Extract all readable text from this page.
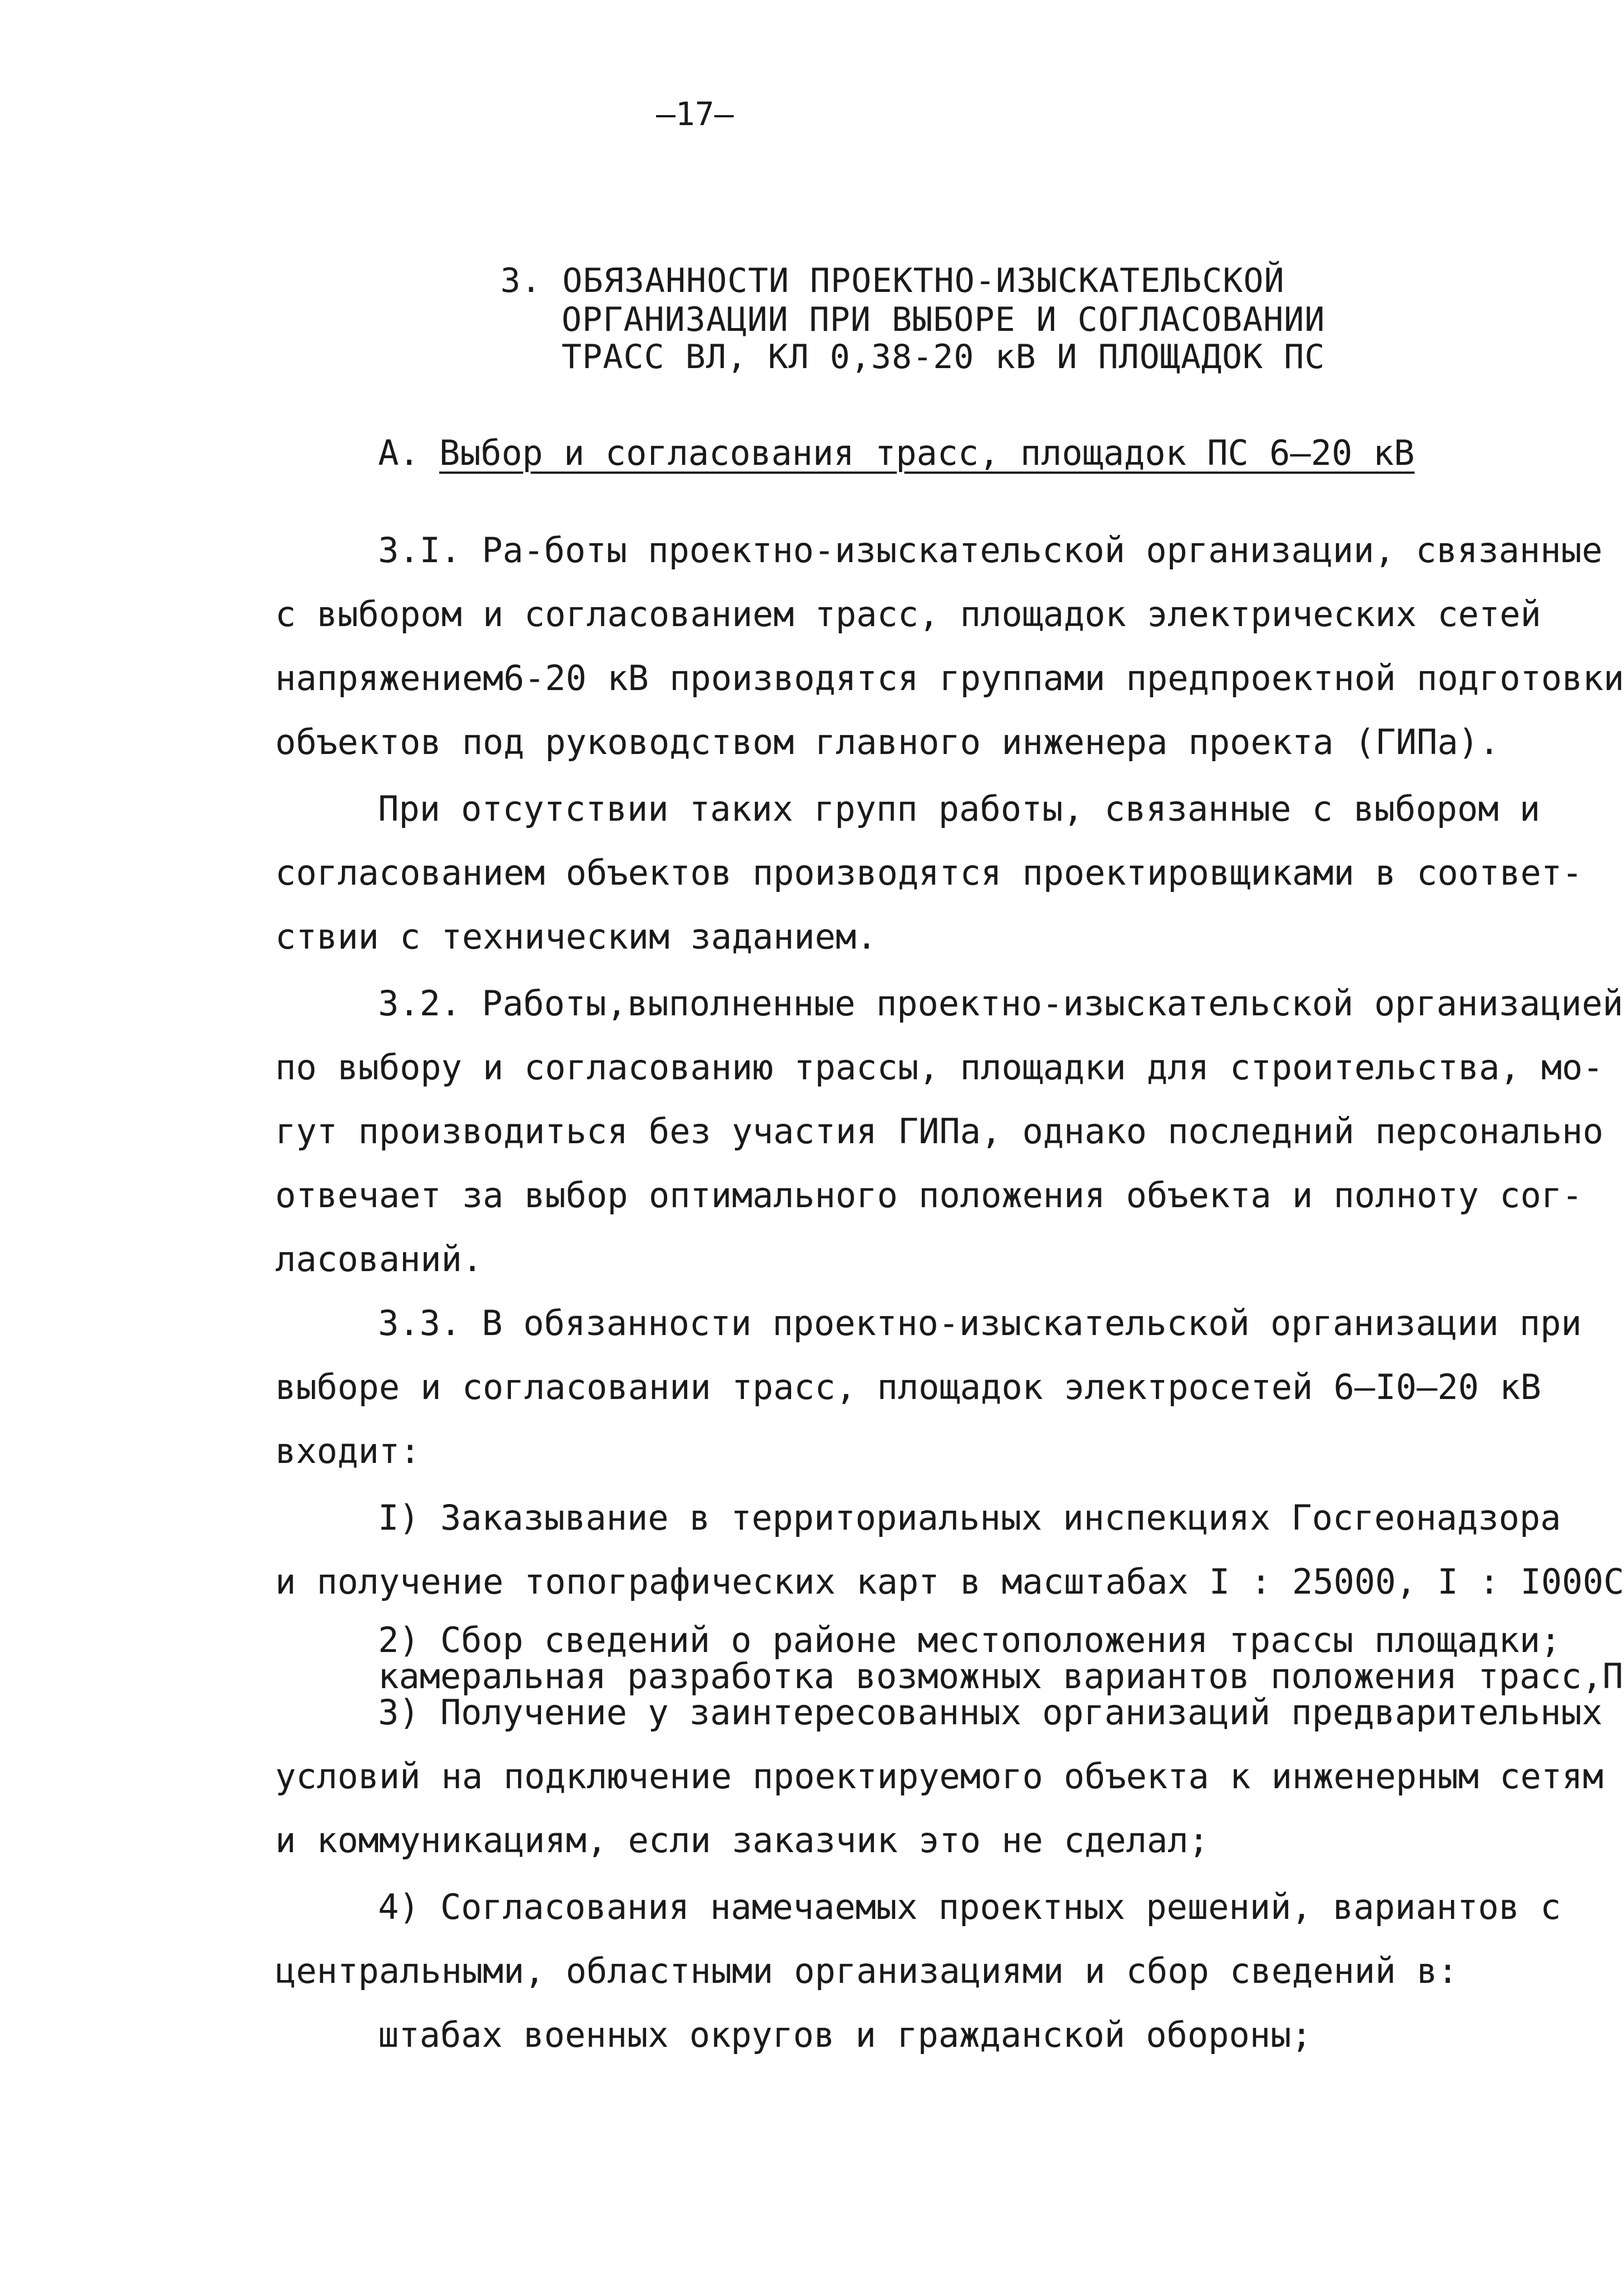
—17—
3. ОБЯЗАННОСТИ ПРОЕКТНО-ИЗЫСКАТЕЛЬСКОЙ
ОРГАНИЗАЦИИ ПРИ ВЫБОРЕ И СОГЛАСОВАНИИ
ТРАСС ВЛ, КЛ 0,38-20 кВ И ПЛОЩАДОК ПС
А. Выбор и согласования трасс, площадок ПС 6–20 кВ
3.I. Ра-боты проектно-изыскательской организации, связанные
с выбором и согласованием трасс, площадок электрических сетей
напряжением6-20 кВ производятся группами предпроектной подготовки
объектов под руководством главного инженера проекта (ГИПа).
При отсутствии таких групп работы, связанные с выбором и
согласованием объектов производятся проектировщиками в соответ-
ствии с техническим заданием.
3.2. Работы,выполненные проектно-изыскательской организацией
по выбору и согласованию трассы, площадки для строительства, мо-
гут производиться без участия ГИПа, однако последний персонально
отвечает за выбор оптимального положения объекта и полноту сог-
ласований.
3.3. В обязанности проектно-изыскательской организации при
выборе и согласовании трасс, площадок электросетей 6–I0–20 кВ
входит:
I) Заказывание в территориальных инспекциях Госгеонадзора
и получение топографических карт в масштабах I : 25000, I : I000C
2) Сбор сведений о районе местоположения трассы площадки;
камеральная разработка возможных вариантов положения трасс,П
3) Получение у заинтересованных организаций предварительных
условий на подключение проектируемого объекта к инженерным сетям
и коммуникациям, если заказчик это не сделал;
4) Согласования намечаемых проектных решений, вариантов с
центральными, областными организациями и сбор сведений в:
штабах военных округов и гражданской обороны;
